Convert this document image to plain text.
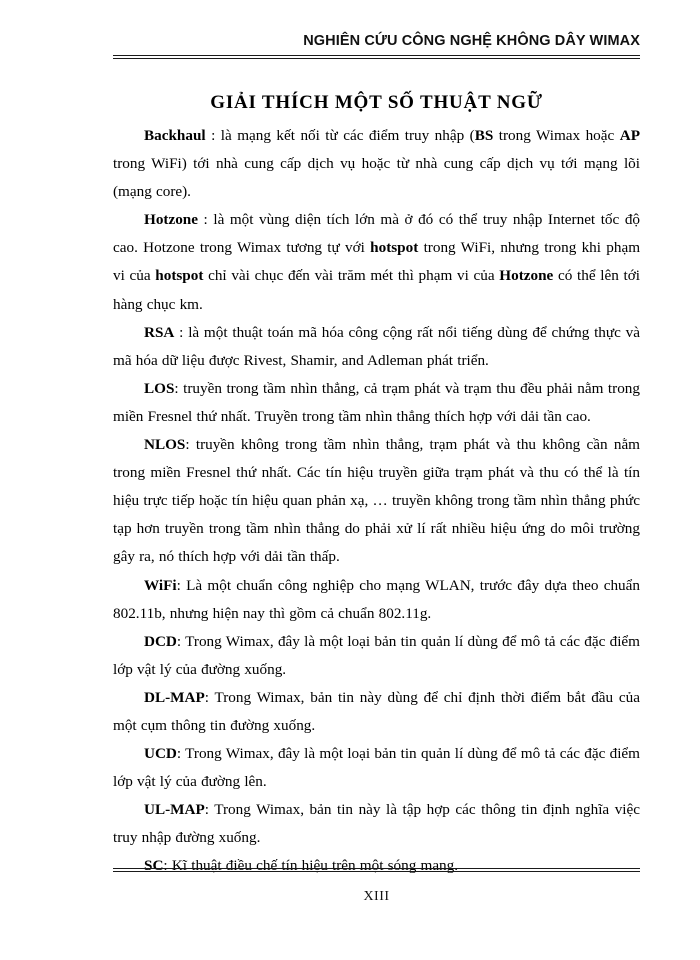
NGHIÊN CỨU CÔNG NGHỆ KHÔNG DÂY WIMAX
GIẢI THÍCH MỘT SỐ THUẬT NGỮ

Backhaul : là mạng kết nối từ các điểm truy nhập (BS trong Wimax hoặc AP trong WiFi) tới nhà cung cấp dịch vụ hoặc từ nhà cung cấp dịch vụ tới mạng lõi (mạng core).

Hotzone : là một vùng diện tích lớn mà ở đó có thể truy nhập Internet tốc độ cao. Hotzone trong Wimax tương tự với hotspot trong WiFi, nhưng trong khi phạm vi của hotspot chỉ vài chục đến vài trăm mét thì phạm vi của Hotzone có thể lên tới hàng chục km.

RSA : là một thuật toán mã hóa công cộng rất nổi tiếng dùng để chứng thực và mã hóa dữ liệu được Rivest, Shamir, and Adleman phát triển.

LOS: truyền trong tầm nhìn thẳng, cả trạm phát và trạm thu đều phải nằm trong miền Fresnel thứ nhất. Truyền trong tầm nhìn thẳng thích hợp với dải tần cao.

NLOS: truyền không trong tầm nhìn thẳng, trạm phát và thu không cần nằm trong miền Fresnel thứ nhất. Các tín hiệu truyền giữa trạm phát và thu có thể là tín hiệu trực tiếp hoặc tín hiệu quan phản xạ, … truyền không trong tầm nhìn thẳng phức tạp hơn truyền trong tầm nhìn thẳng do phải xử lí rất nhiều hiệu ứng do môi trường gây ra, nó thích hợp với dải tần thấp.

WiFi: Là một chuẩn công nghiệp cho mạng WLAN, trước đây dựa theo chuẩn 802.11b, nhưng hiện nay thì gồm cả chuẩn 802.11g.

DCD: Trong Wimax, đây là một loại bản tin quản lí dùng để mô tả các đặc điểm lớp vật lý của đường xuống.

DL-MAP: Trong Wimax, bản tin này dùng để chỉ định thời điểm bắt đầu của một cụm thông tin đường xuống.

UCD: Trong Wimax, đây là một loại bản tin quản lí dùng để mô tả các đặc điểm lớp vật lý của đường lên.

UL-MAP: Trong Wimax, bản tin này là tập hợp các thông tin định nghĩa việc truy nhập đường xuống.

SC: Kĩ thuật điều chế tín hiệu trên một sóng mang.

XIII
